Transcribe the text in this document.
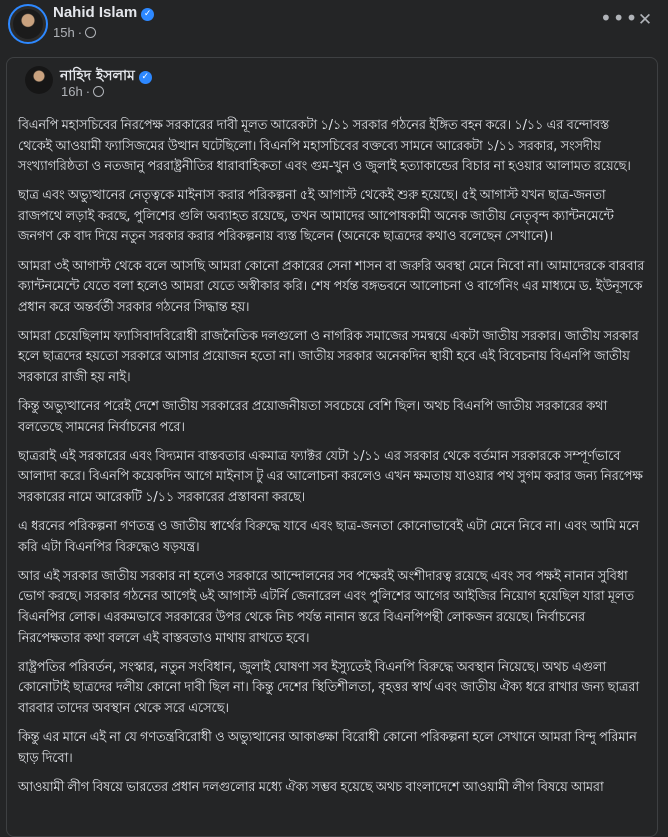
Nahid Islam ✓
15h ·
••• ✕
নাহিদ ইসলাম ✓
16h ·

বিএনপি মহাসচিবের নিরপেক্ষ সরকারের দাবী মূলত আরেকটা ১/১১ সরকার গঠনের ইঙ্গিত বহন করে। ১/১১ এর বন্দোবস্ত থেকেই আওয়ামী ফ্যাসিজমের উত্থান ঘটেছিলো। বিএনপি মহাসচিবের বক্তব্যে সামনে আরেকটা ১/১১ সরকার, সংসদীয় সংখ্যাগরিষ্ঠতা ও নতজানু পররাষ্ট্রনীতির ধারাবাহিকতা এবং গুম-খুন ও জুলাই হত্যাকান্ডের বিচার না হওয়ার আলামত রয়েছে।

ছাত্র এবং অভ্যুত্থানের নেতৃত্বকে মাইনাস করার পরিকল্পনা ৫ই আগাস্ট থেকেই শুরু হয়েছে। ৫ই আগাস্ট যখন ছাত্র-জনতা রাজপথে লড়াই করছে, পুলিশের গুলি অব্যাহত রয়েছে, তখন আমাদের আপোষকামী অনেক জাতীয় নেতৃবৃন্দ ক্যান্টনমেন্টে জনগণ কে বাদ দিয়ে নতুন সরকার করার পরিকল্পনায় ব্যস্ত ছিলেন (অনেকে ছাত্রদের কথাও বলেছেন সেখানে)।

আমরা ৩ই আগাস্ট থেকে বলে আসছি আমরা কোনো প্রকারের সেনা শাসন বা জরুরি অবস্থা মেনে নিবো না। আমাদেরকে বারবার ক্যান্টনমেন্টে যেতে বলা হলেও আমরা যেতে অস্বীকার করি। শেষ পর্যন্ত বঙ্গভবনে আলোচনা ও বার্গেনিং এর মাধ্যমে ড. ইউনূসকে প্রধান করে অন্তর্বর্তী সরকার গঠনের সিদ্ধান্ত হয়।

আমরা চেয়েছিলাম ফ্যাসিবাদবিরোধী রাজনৈতিক দলগুলো ও নাগরিক সমাজের সমন্বয়ে একটা জাতীয় সরকার। জাতীয় সরকার হলে ছাত্রদের হয়তো সরকারে আসার প্রয়োজন হতো না। জাতীয় সরকার অনেকদিন স্থায়ী হবে এই বিবেচনায় বিএনপি জাতীয় সরকারে রাজী হয় নাই।

কিন্তু অভ্যুত্থানের পরেই দেশে জাতীয় সরকারের প্রয়োজনীয়তা সবচেয়ে বেশি ছিল। অথচ বিএনপি জাতীয় সরকারের কথা বলতেছে সামনের নির্বাচনের পরে।

ছাত্ররাই এই সরকারের এবং বিদ্যমান বাস্তবতার একমাত্র ফ্যাক্টর যেটা ১/১১ এর সরকার থেকে বর্তমান সরকারকে সম্পূর্ণভাবে আলাদা করে। বিএনপি কয়েকদিন আগে মাইনাস টু এর আলোচনা করলেও এখন ক্ষমতায় যাওয়ার পথ সুগম করার জন্য নিরপেক্ষ সরকারের নামে আরেকটি ১/১১ সরকারের প্রস্তাবনা করছে।

এ ধরনের পরিকল্পনা গণতন্ত্র ও জাতীয় স্বার্থের বিরুদ্ধে যাবে এবং ছাত্র-জনতা কোনোভাবেই এটা মেনে নিবে না। এবং আমি মনে করি এটা বিএনপির বিরুদ্ধেও ষড়যন্ত্র।

আর এই সরকার জাতীয় সরকার না হলেও সরকারে আন্দোলনের সব পক্ষেরই অংশীদারত্ব রয়েছে এবং সব পক্ষই নানান সুবিধা ভোগ করছে। সরকার গঠনের আগেই ৬ই আগাস্ট এটর্নি জেনারেল এবং পুলিশের আগের আইজির নিয়োগ হয়েছিল যারা মূলত বিএনপির লোক। এরকমভাবে সরকারের উপর থেকে নিচ পর্যন্ত নানান স্তরে বিএনপিপন্থী লোকজন রয়েছে। নির্বাচনের নিরপেক্ষতার কথা বললে এই বাস্তবতাও মাথায় রাখতে হবে।

রাষ্ট্রপতির পরিবর্তন, সংস্কার, নতুন সংবিধান, জুলাই ঘোষণা সব ইস্যুতেই বিএনপি বিরুদ্ধে অবস্থান নিয়েছে। অথচ এগুলা কোনোটাই ছাত্রদের দলীয় কোনো দাবী ছিল না। কিন্তু দেশের স্থিতিশীলতা, বৃহত্তর স্বার্থ এবং জাতীয় ঐক্য ধরে রাখার জন্য ছাত্ররা বারবার তাদের অবস্থান থেকে সরে এসেছে।

কিন্তু এর মানে এই না যে গণতন্ত্রবিরোধী ও অভ্যুত্থানের আকাঙ্ক্ষা বিরোধী কোনো পরিকল্পনা হলে সেখানে আমরা বিন্দু পরিমান ছাড় দিবো।

আওয়ামী লীগ বিষয়ে ভারতের প্রধান দলগুলোর মধ্যে ঐক্য সম্ভব হয়েছে অথচ বাংলাদেশে আওয়ামী লীগ বিষয়ে আমরা
